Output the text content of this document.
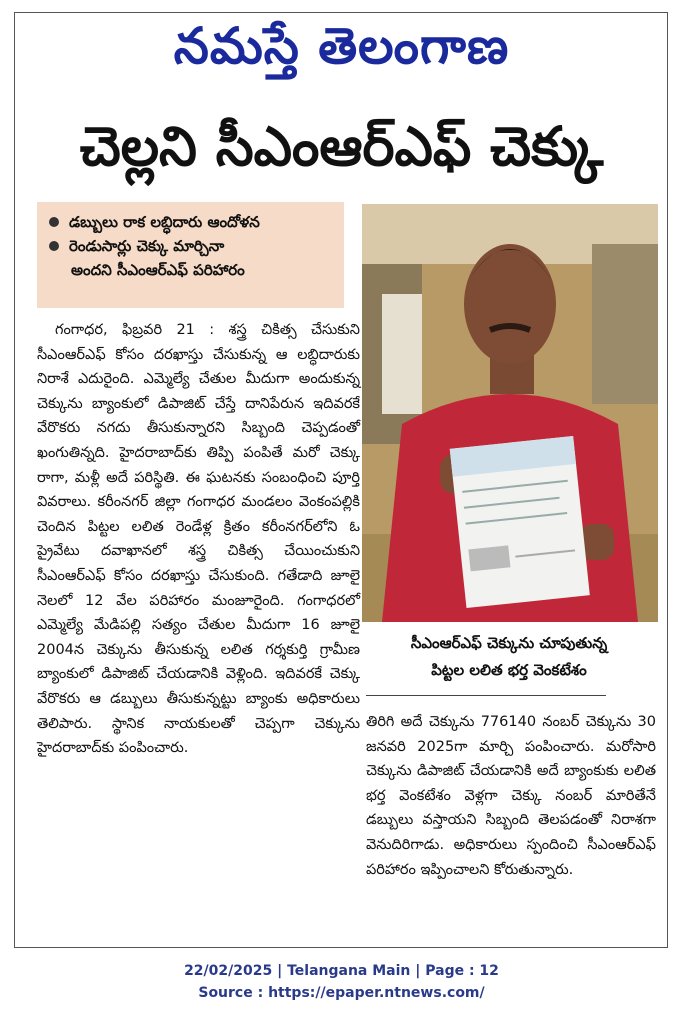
నమస్తే తెలంగాణ
చెల్లని సీఎంఆర్ఎఫ్ చెక్కు
డబ్బులు రాక లబ్ధిదారు ఆందోళన
రెండుసార్లు చెక్కు మార్చినా
అందని సీఎంఆర్ఎఫ్ పరిహారం

గంగాధర, ఫిబ్రవరి 21 : శస్త్ర చికిత్స చేసుకుని సీఎంఆర్ఎఫ్ కోసం దరఖాస్తు చేసుకున్న ఆ లబ్ధిదారుకు నిరాశే ఎదురైంది. ఎమ్మెల్యే చేతుల మీదుగా అందుకున్న చెక్కును బ్యాంకులో డిపాజిట్ చేస్తే దానిపేరున ఇదివరకే వేరొకరు నగదు తీసుకున్నారని సిబ్బంది చెప్పడంతో ఖంగుతిన్నది. హైదరాబాద్‌కు తిప్పి పంపితే మరో చెక్కు రాగా, మళ్లీ అదే పరిస్థితి. ఈ ఘటనకు సంబంధించి పూర్తి వివరాలు. కరీంనగర్ జిల్లా గంగాధర మండలం వెంకంపల్లికి చెందిన పిట్టల లలిత రెండేళ్ల క్రితం కరీంనగర్‌లోని ఓ ప్రైవేటు దవాఖానలో శస్త్ర చికిత్స చేయించుకుని సీఎంఆర్ఎఫ్ కోసం దరఖాస్తు చేసుకుంది. గతేడాది జూలై నెలలో 12 వేల పరిహారం మంజూరైంది. గంగాధరలో ఎమ్మెల్యే మేడిపల్లి సత్యం చేతుల మీదుగా 16 జూలై 2004న చెక్కును తీసుకున్న లలిత గర్శకుర్తి గ్రామీణ బ్యాంకులో డిపాజిట్ చేయడానికి వెళ్లింది. ఇదివరకే చెక్కు వేరొకరు ఆ డబ్బులు తీసుకున్నట్టు బ్యాంకు అధికారులు తెలిపారు. స్థానిక నాయకులతో చెప్పగా చెక్కును హైదరాబాద్‌కు పంపించారు.

సీఎంఆర్ఎఫ్ చెక్కును చూపుతున్న
పిట్టల లలిత భర్త వెంకటేశం

తిరిగి అదే చెక్కును 776140 నంబర్ చెక్కును 30 జనవరి 2025గా మార్చి పంపించారు. మరోసారి చెక్కును డిపాజిట్ చేయడానికి అదే బ్యాంకుకు లలిత భర్త వెంకటేశం వెళ్లగా చెక్కు నంబర్ మారితేనే డబ్బులు వస్తాయని సిబ్బంది తెలపడంతో నిరాశగా వెనుదిరిగాడు. అధికారులు స్పందించి సీఎంఆర్ఎఫ్ పరిహారం ఇప్పించాలని కోరుతున్నారు.

22/02/2025 | Telangana Main | Page : 12
Source : https://epaper.ntnews.com/
